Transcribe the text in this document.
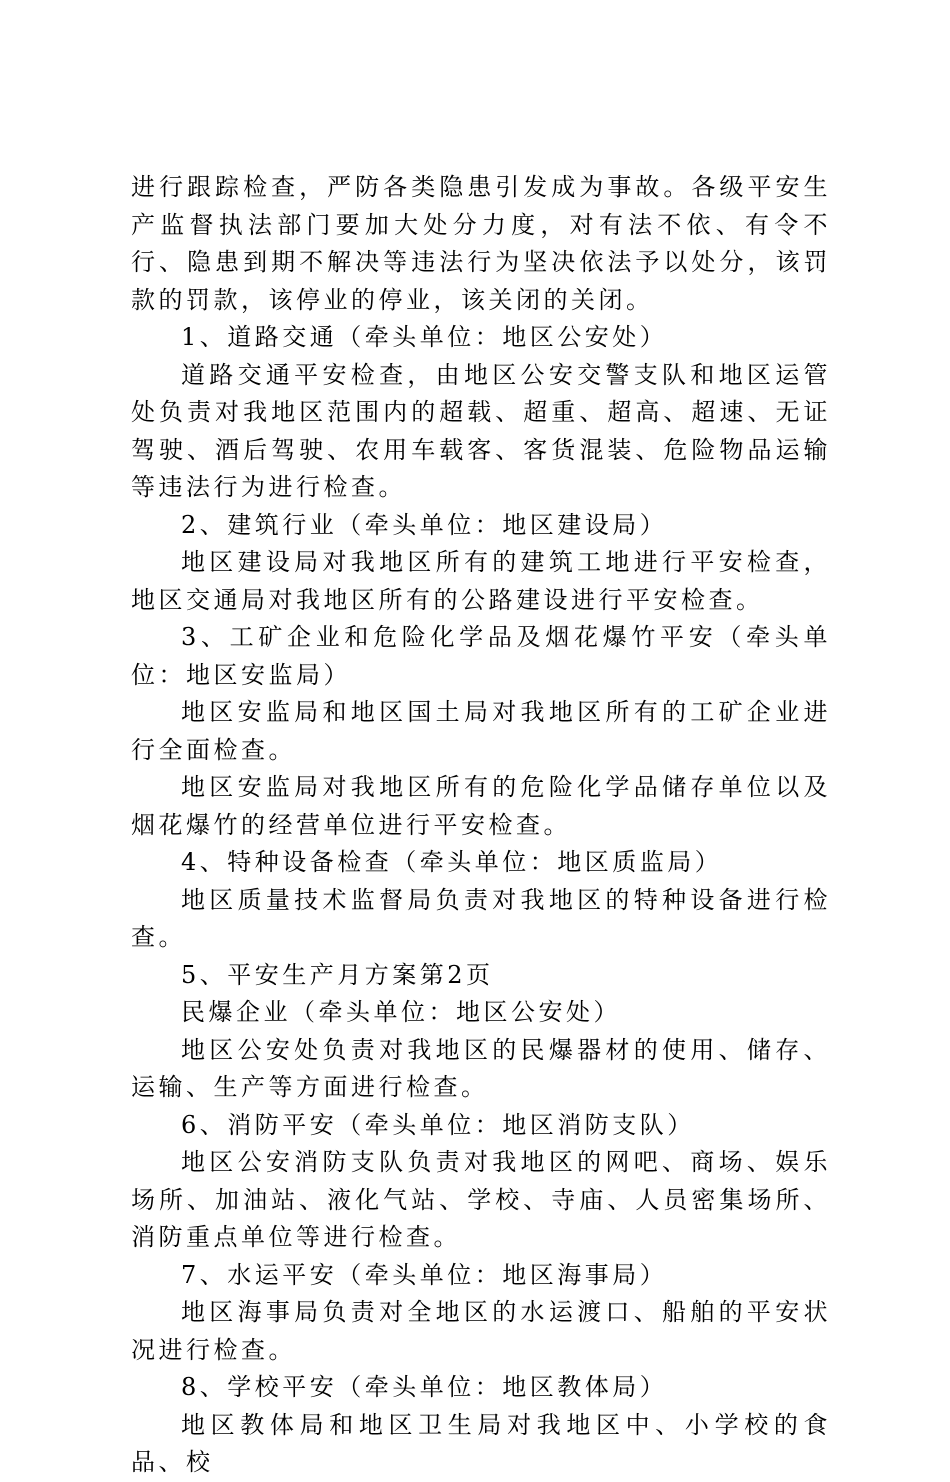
进行跟踪检查，严防各类隐患引发成为事故。各级平安生产监督执法部门要加大处分力度，对有法不依、有令不行、隐患到期不解决等违法行为坚决依法予以处分，该罚款的罚款，该停业的停业，该关闭的关闭。

1、道路交通（牵头单位：地区公安处）

道路交通平安检查，由地区公安交警支队和地区运管处负责对我地区范围内的超载、超重、超高、超速、无证驾驶、酒后驾驶、农用车载客、客货混装、危险物品运输等违法行为进行检查。

2、建筑行业（牵头单位：地区建设局）

地区建设局对我地区所有的建筑工地进行平安检查，地区交通局对我地区所有的公路建设进行平安检查。

3、工矿企业和危险化学品及烟花爆竹平安（牵头单位：地区安监局）

地区安监局和地区国土局对我地区所有的工矿企业进行全面检查。

地区安监局对我地区所有的危险化学品储存单位以及烟花爆竹的经营单位进行平安检查。

4、特种设备检查（牵头单位：地区质监局）

地区质量技术监督局负责对我地区的特种设备进行检查。

5、平安生产月方案第2页

民爆企业（牵头单位：地区公安处）

地区公安处负责对我地区的民爆器材的使用、储存、运输、生产等方面进行检查。

6、消防平安（牵头单位：地区消防支队）

地区公安消防支队负责对我地区的网吧、商场、娱乐场所、加油站、液化气站、学校、寺庙、人员密集场所、消防重点单位等进行检查。

7、水运平安（牵头单位：地区海事局）

地区海事局负责对全地区的水运渡口、船舶的平安状况进行检查。

8、学校平安（牵头单位：地区教体局）

地区教体局和地区卫生局对我地区中、小学校的食品、校
